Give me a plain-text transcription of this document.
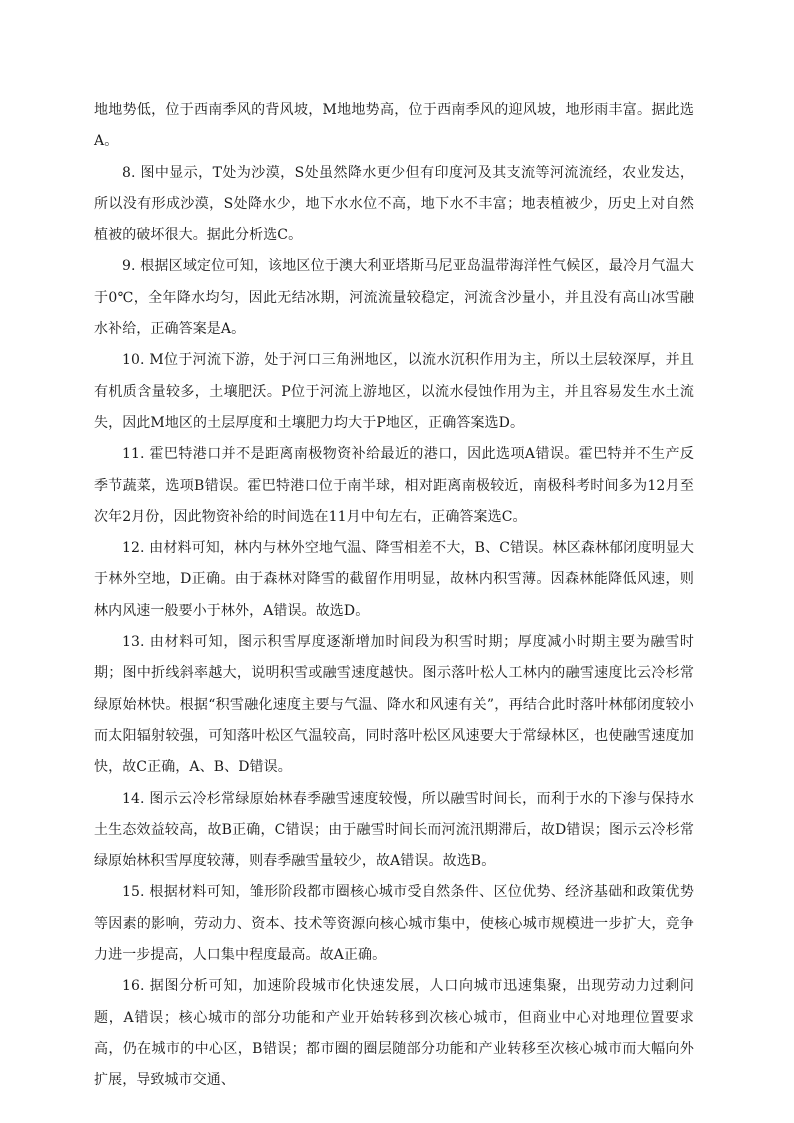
地地势低，位于西南季风的背风坡，M地地势高，位于西南季风的迎风坡，地形雨丰富。据此选A。

8. 图中显示，T处为沙漠，S处虽然降水更少但有印度河及其支流等河流流经，农业发达，所以没有形成沙漠，S处降水少，地下水水位不高，地下水不丰富；地表植被少，历史上对自然植被的破坏很大。据此分析选C。

9. 根据区域定位可知，该地区位于澳大利亚塔斯马尼亚岛温带海洋性气候区，最冷月气温大于0℃，全年降水均匀，因此无结冰期，河流流量较稳定，河流含沙量小，并且没有高山冰雪融水补给，正确答案是A。

10. M位于河流下游，处于河口三角洲地区，以流水沉积作用为主，所以土层较深厚，并且有机质含量较多，土壤肥沃。P位于河流上游地区，以流水侵蚀作用为主，并且容易发生水土流失，因此M地区的土层厚度和土壤肥力均大于P地区，正确答案选D。

11. 霍巴特港口并不是距离南极物资补给最近的港口，因此选项A错误。霍巴特并不生产反季节蔬菜，选项B错误。霍巴特港口位于南半球，相对距离南极较近，南极科考时间多为12月至次年2月份，因此物资补给的时间选在11月中旬左右，正确答案选C。

12. 由材料可知，林内与林外空地气温、降雪相差不大，B、C错误。林区森林郁闭度明显大于林外空地，D正确。由于森林对降雪的截留作用明显，故林内积雪薄。因森林能降低风速，则林内风速一般要小于林外，A错误。故选D。

13. 由材料可知，图示积雪厚度逐渐增加时间段为积雪时期；厚度减小时期主要为融雪时期；图中折线斜率越大，说明积雪或融雪速度越快。图示落叶松人工林内的融雪速度比云冷杉常绿原始林快。根据“积雪融化速度主要与气温、降水和风速有关”，再结合此时落叶林郁闭度较小而太阳辐射较强，可知落叶松区气温较高，同时落叶松区风速要大于常绿林区，也使融雪速度加快，故C正确，A、B、D错误。

14. 图示云冷杉常绿原始林春季融雪速度较慢，所以融雪时间长，而利于水的下渗与保持水土生态效益较高，故B正确，C错误；由于融雪时间长而河流汛期滞后，故D错误；图示云冷杉常绿原始林积雪厚度较薄，则春季融雪量较少，故A错误。故选B。

15. 根据材料可知，雏形阶段都市圈核心城市受自然条件、区位优势、经济基础和政策优势等因素的影响，劳动力、资本、技术等资源向核心城市集中，使核心城市规模进一步扩大，竞争力进一步提高，人口集中程度最高。故A正确。

16. 据图分析可知，加速阶段城市化快速发展，人口向城市迅速集聚，出现劳动力过剩问题，A错误；核心城市的部分功能和产业开始转移到次核心城市，但商业中心对地理位置要求高，仍在城市的中心区，B错误；都市圈的圈层随部分功能和产业转移至次核心城市而大幅向外扩展，导致城市交通、
